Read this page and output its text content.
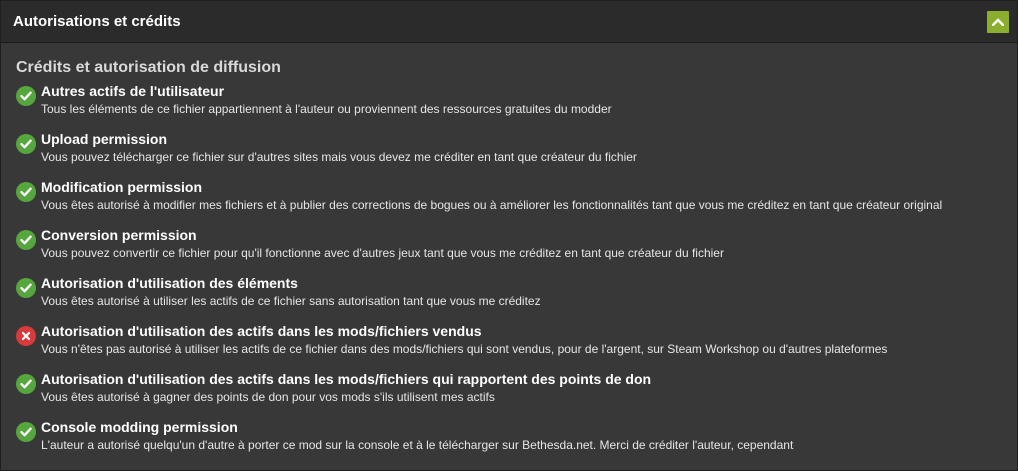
Autorisations et crédits
Crédits et autorisation de diffusion
Autres actifs de l'utilisateur
Tous les éléments de ce fichier appartiennent à l'auteur ou proviennent des ressources gratuites du modder
Upload permission
Vous pouvez télécharger ce fichier sur d'autres sites mais vous devez me créditer en tant que créateur du fichier
Modification permission
Vous êtes autorisé à modifier mes fichiers et à publier des corrections de bogues ou à améliorer les fonctionnalités tant que vous me créditez en tant que créateur original
Conversion permission
Vous pouvez convertir ce fichier pour qu'il fonctionne avec d'autres jeux tant que vous me créditez en tant que créateur du fichier
Autorisation d'utilisation des éléments
Vous êtes autorisé à utiliser les actifs de ce fichier sans autorisation tant que vous me créditez
Autorisation d'utilisation des actifs dans les mods/fichiers vendus
Vous n'êtes pas autorisé à utiliser les actifs de ce fichier dans des mods/fichiers qui sont vendus, pour de l'argent, sur Steam Workshop ou d'autres plateformes
Autorisation d'utilisation des actifs dans les mods/fichiers qui rapportent des points de don
Vous êtes autorisé à gagner des points de don pour vos mods s'ils utilisent mes actifs
Console modding permission
L'auteur a autorisé quelqu'un d'autre à porter ce mod sur la console et à le télécharger sur Bethesda.net. Merci de créditer l'auteur, cependant
